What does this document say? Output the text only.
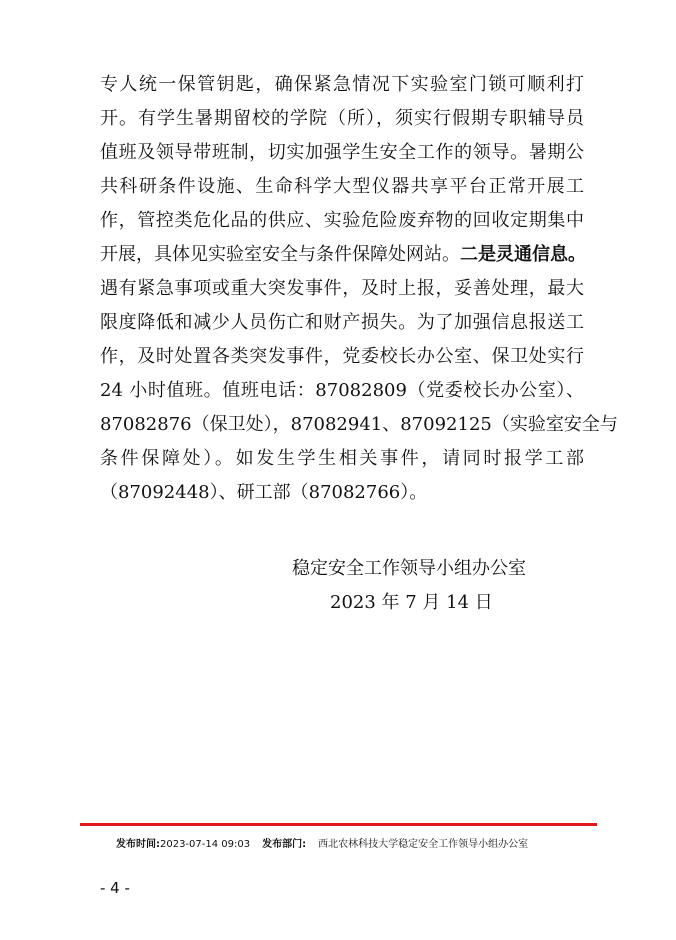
专人统一保管钥匙，确保紧急情况下实验室门锁可顺利打
开。有学生暑期留校的学院（所），须实行假期专职辅导员
值班及领导带班制，切实加强学生安全工作的领导。暑期公
共科研条件设施、生命科学大型仪器共享平台正常开展工
作，管控类危化品的供应、实验危险废弃物的回收定期集中
开展，具体见实验室安全与条件保障处网站。二是灵通信息。
遇有紧急事项或重大突发事件，及时上报，妥善处理，最大
限度降低和减少人员伤亡和财产损失。为了加强信息报送工
作，及时处置各类突发事件，党委校长办公室、保卫处实行
24 小时值班。值班电话：87082809（党委校长办公室）、
87082876（保卫处），87082941、87092125（实验室安全与
条件保障处）。如发生学生相关事件，请同时报学工部
（87092448）、研工部（87082766）。
稳定安全工作领导小组办公室
2023 年 7 月 14 日
发布时间:2023-07-14 09:03 发布部门: 西北农林科技大学稳定安全工作领导小组办公室
- 4 -
